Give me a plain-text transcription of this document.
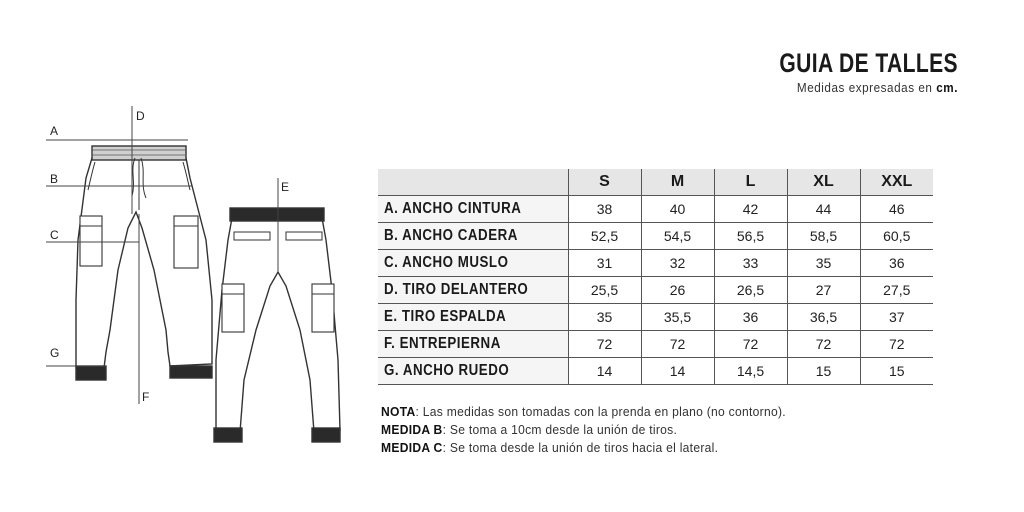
A
B
C
G
D
F
E
GUIA DE TALLES
Medidas expresadas en cm.
	S	M	L	XL	XXL
A. ANCHO CINTURA	38	40	42	44	46
B. ANCHO CADERA	52,5	54,5	56,5	58,5	60,5
C. ANCHO MUSLO	31	32	33	35	36
D. TIRO DELANTERO	25,5	26	26,5	27	27,5
E. TIRO ESPALDA	35	35,5	36	36,5	37
F. ENTREPIERNA	72	72	72	72	72
G. ANCHO RUEDO	14	14	14,5	15	15
NOTA: Las medidas son tomadas con la prenda en plano (no contorno).
MEDIDA B: Se toma a 10cm desde la unión de tiros.
MEDIDA C: Se toma desde la unión de tiros hacia el lateral.
